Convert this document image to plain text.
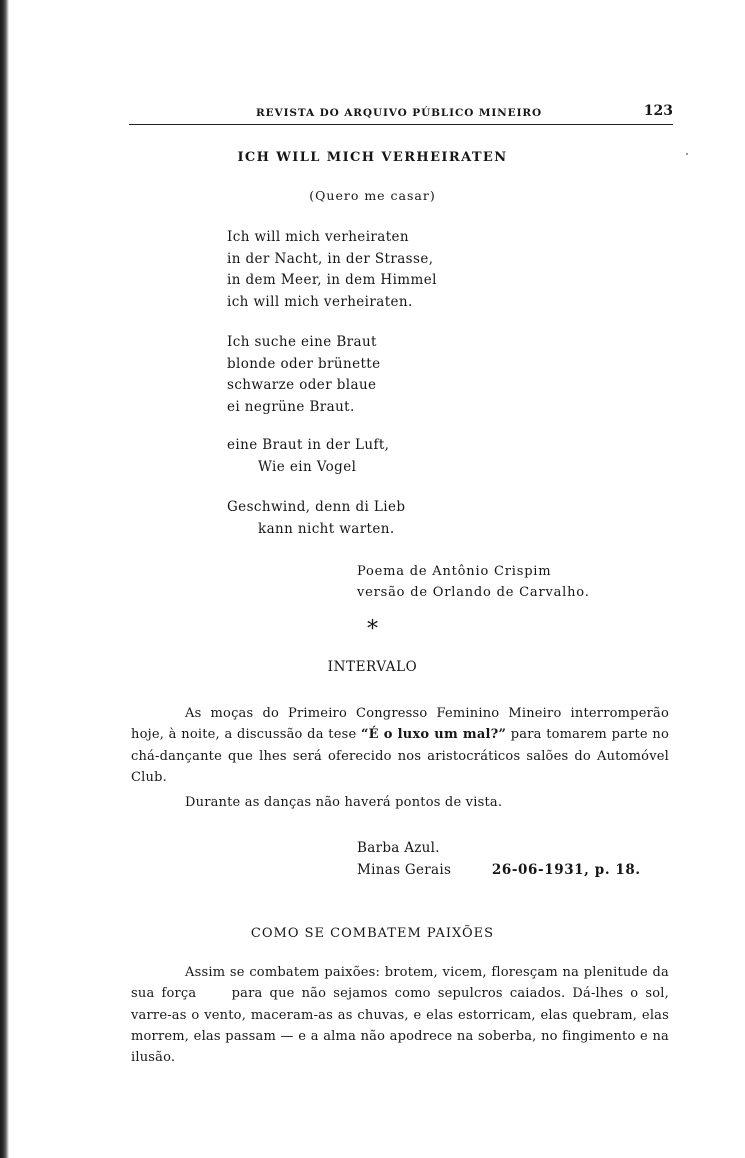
REVISTA DO ARQUIVO PÚBLICO MINEIRO	123
ICH WILL MICH VERHEIRATEN
(Quero me casar)
Ich will mich verheiraten
in der Nacht, in der Strasse,
in dem Meer, in dem Himmel
ich will mich verheiraten.
Ich suche eine Braut
blonde oder brünette
schwarze oder blaue
ei negrüne Braut.
eine Braut in der Luft,
Wie ein Vogel
Geschwind, denn di Lieb
kann nicht warten.
Poema de Antônio Crispim
versão de Orlando de Carvalho.
*
INTERVALO
As moças do Primeiro Congresso Feminino Mineiro interromperão hoje, à noite, a discussão da tese “É o luxo um mal?” para tomarem parte no chá-dançante que lhes será oferecido nos aristocráticos salões do Automóvel Club.
Durante as danças não haverá pontos de vista.
Barba Azul.
Minas Gerais	26-06-1931, p. 18.
COMO SE COMBATEM PAIXÕES
Assim se combatem paixões: brotem, vicem, floresçam na plenitude da sua força     para que não sejamos como sepulcros caiados. Dá-lhes o sol, varre-as o vento, maceram-as as chuvas, e elas estorricam, elas quebram, elas morrem, elas passam — e a alma não apodrece na soberba, no fingimento e na ilusão.
